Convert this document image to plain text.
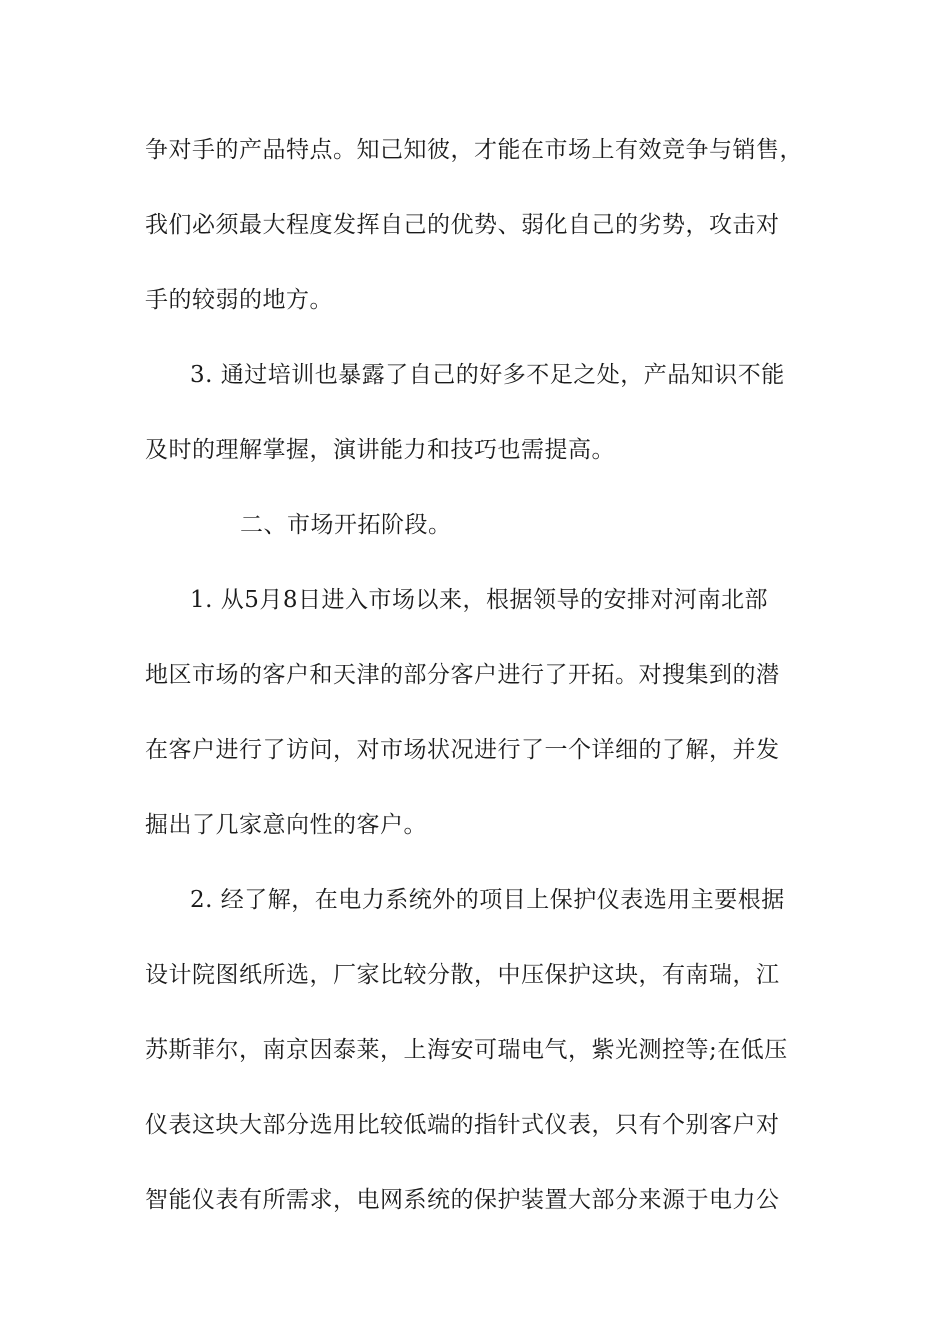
争对手的产品特点。知己知彼，才能在市场上有效竞争与销售，
我们必须最大程度发挥自己的优势、弱化自己的劣势，攻击对
手的较弱的地方。
3. 通过培训也暴露了自己的好多不足之处，产品知识不能
及时的理解掌握，演讲能力和技巧也需提高。
二、市场开拓阶段。
1. 从5月8日进入市场以来，根据领导的安排对河南北部
地区市场的客户和天津的部分客户进行了开拓。对搜集到的潜
在客户进行了访问，对市场状况进行了一个详细的了解，并发
掘出了几家意向性的客户。
2. 经了解，在电力系统外的项目上保护仪表选用主要根据
设计院图纸所选，厂家比较分散，中压保护这块，有南瑞，江
苏斯菲尔，南京因泰莱，上海安可瑞电气，紫光测控等;在低压
仪表这块大部分选用比较低端的指针式仪表，只有个别客户对
智能仪表有所需求，电网系统的保护装置大部分来源于电力公
